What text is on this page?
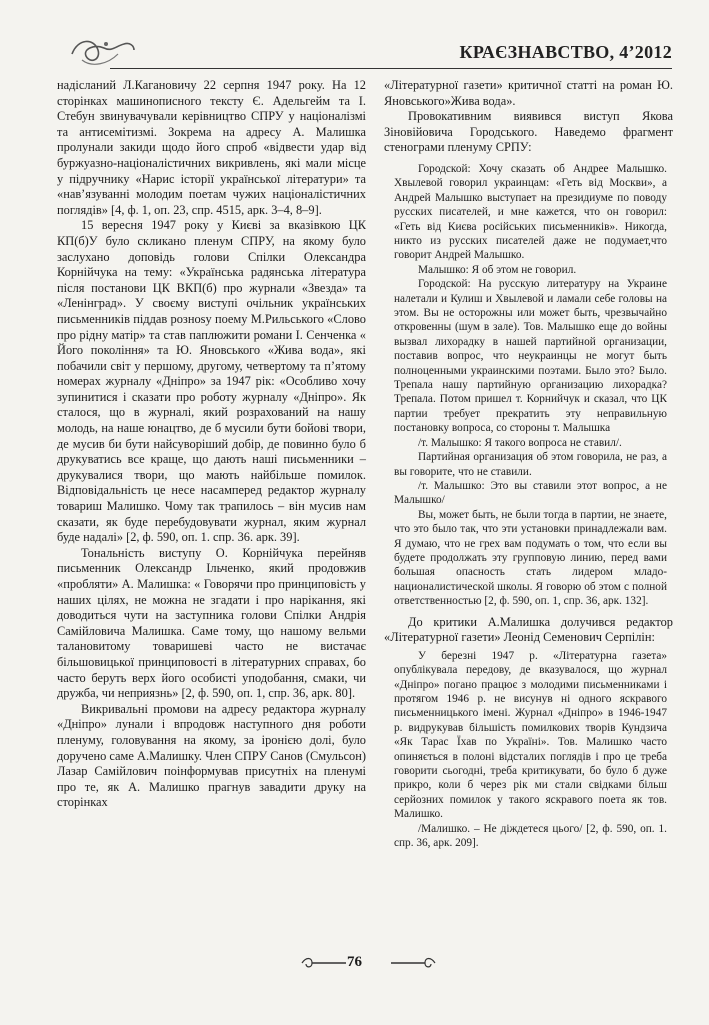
КРАЄЗНАВСТВО, 4’2012

надісланий Л.Кагановичу 22 серпня 1947 року. На 12 сторінках машинописного тексту Є. Адельгейм та І. Стебун звинувачували керівництво СПРУ у націоналізмі та антисемітизмі. Зокрема на адресу А. Малишка пролунали закиди щодо його спроб «відвести удар від буржуазно-націоналістичних викривлень, які мали місце у підручнику «Нарис історії української літератури» та «нав’язуванні молодим поетам чужих націоналістичних поглядів» [4, ф. 1, оп. 23, спр. 4515, арк. 3–4, 8–9].

15 вересня 1947 року у Києві за вказівкою ЦК КП(б)У було скликано пленум СПРУ, на якому було заслухано доповідь голови Спілки Олександра Корнійчука на тему: «Українська радянська література після постанови ЦК ВКП(б) про журнали «Звезда» та «Ленінград». У своєму виступі очільник українських письменників піддав рознosy поему М.Рильського «Слово про рідну матір» та став паплюжити романи І. Сенченка « Його покоління» та Ю. Яновського «Жива вода», які побачили світ у першому, другому, четвертому та п’ятому номерах журналу «Дніпро» за 1947 рік: «Особливо хочу зупинитися і сказати про роботу журналу «Дніпро». Як сталося, що в журналі, який розрахований на нашу молодь, на наше юнацтво, де б мусили бути бойові твори, де мусив би бути найсуворіший добір, де повинно було б друкуватись все краще, що дають наші письменники – друкувалися твори, що мають найбільше помилок. Відповідальність це несе насамперед редактор журналу товариш Малишко. Чому так трапилось – він мусив нам сказати, як буде перебудовувати журнал, яким журнал буде надалі» [2, ф. 590, оп. 1. спр. 36. арк. 39].

Тональність виступу О. Корнійчука перейняв письменник Олександр Ільченко, який продовжив «пробляти» А. Малишка: « Говорячи про принциповість у наших цілях, не можна не згадати і про нарікання, які доводиться чути на заступника голови Спілки Андрія Самійловича Малишка. Саме тому, що нашому вельми талановитому товаришеві часто не вистачає більшовицької принциповості в літературних справах, бо часто беруть верх його особисті уподобання, смаки, чи дружба, чи неприязнь» [2, ф. 590, оп. 1, спр. 36, арк. 80].

Викривальні промови на адресу редактора журналу «Дніпро» лунали і впродовж наступного дня роботи пленуму, головування на якому, за іронією долі, було доручено саме А.Малишку. Член СПРУ Санов (Смульсон) Лазар Самійлович поінформував присутніх на пленумі про те, як А. Малишко прагнув завадити друку на сторінках

«Літературної газети» критичної статті на роман Ю. Яновського»Жива вода».

Провокативним виявився виступ Якова Зіновійовича Городського. Наведемо фрагмент стенограми пленуму СРПУ:

Городской: Хочу сказать об Андрее Малышко. Хвылевой говорил украинцам: «Геть від Москви», а Андрей Малышко выступает на президиуме по поводу русских писателей, и мне кажется, что он говорил: «Геть від Києва російських письменників». Никогда, никто из русских писателей даже не подумает,что говорит Андрей Малышко.

Малышко: Я об этом не говорил.

Городской: На русскую литературу на Украине налетали и Кулиш и Хвылевой и ламали себе головы на этом. Вы не осторожны или может быть, чрезвычайно откровенны (шум в зале). Тов. Малышко еще до войны вызвал лихорадку в нашей партийной организации, поставив вопрос, что неукраинцы не могут быть полноценными украинскими поэтами. Было это? Было. Трепала нашу партийную организацию лихорадка? Трепала. Потом пришел т. Корнийчук и сказал, что ЦК партии требует прекратить эту неправильную постановку вопроса, со стороны т. Малышка

/т. Малышко: Я такого вопроса не ставил/.

Партийная организация об этом говорила, не раз, а вы говорите, что не ставили.

/т. Малышко: Это вы ставили этот вопрос, а не Малышко/

Вы, может быть, не были тогда в партии, не знаете, что это было так, что эти установки принадлежали вам. Я думаю, что не грех вам подумать о том, что если вы будете продолжать эту групповую линию, перед вами большая опасность стать лидером младо-националистической школы. Я говорю об этом с полной ответственностью [2, ф. 590, оп. 1, спр. 36, арк. 132].

До критики А.Малишка долучився редактор «Літературної газети» Леонід Семенович Серпілін:

У березні 1947 р. «Літературна газета» опублікувала передову, де вказувалося, що журнал «Дніпро» погано працює з молодими письменниками і протягом 1946 р. не висунув ні одного яскравого письменницького імені. Журнал «Дніпро» в 1946-1947 р. видрукував більшість помилкових творів Кундзича «Як Тарас Їхав по Україні». Тов. Малишко часто опиняється в полоні відсталих поглядів і про це треба говорити сьогодні, треба критикувати, бо було б дуже прикро, коли б через рік ми стали свідками більш серйозних помилок у такого яскравого поета як тов. Малишко.

/Малишко. – Не діждетеся цього/ [2, ф. 590, оп. 1. спр. 36, арк. 209].

76
